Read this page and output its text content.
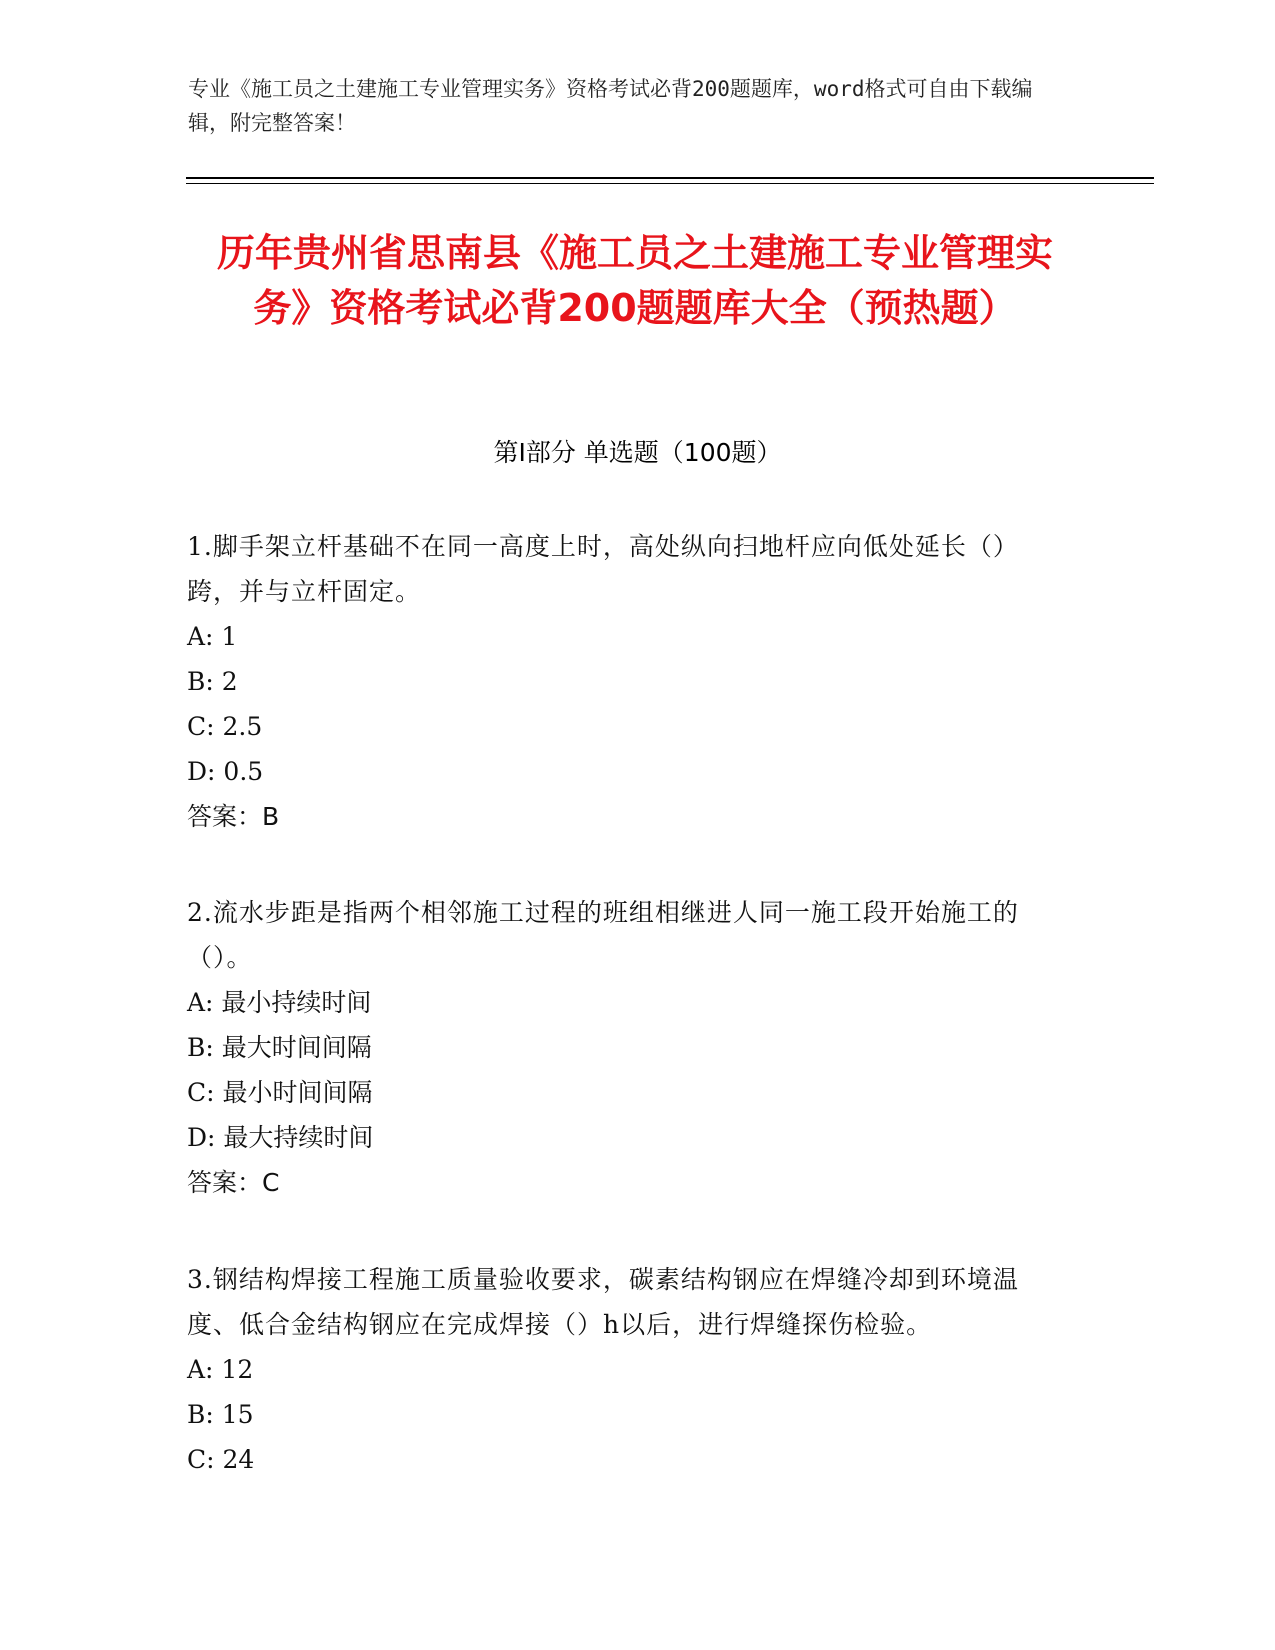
专业《施工员之土建施工专业管理实务》资格考试必背200题题库，word格式可自由下载编辑，附完整答案！
历年贵州省思南县《施工员之土建施工专业管理实务》资格考试必背200题题库大全（预热题）
第Ⅰ部分 单选题（100题）
1.脚手架立杆基础不在同一高度上时，高处纵向扫地杆应向低处延长（）跨，并与立杆固定。
A: 1
B: 2
C: 2.5
D: 0.5
答案：B
2.流水步距是指两个相邻施工过程的班组相继进人同一施工段开始施工的（）。
A: 最小持续时间
B: 最大时间间隔
C: 最小时间间隔
D: 最大持续时间
答案：C
3.钢结构焊接工程施工质量验收要求，碳素结构钢应在焊缝冷却到环境温度、低合金结构钢应在完成焊接（）h以后，进行焊缝探伤检验。
A: 12
B: 15
C: 24
